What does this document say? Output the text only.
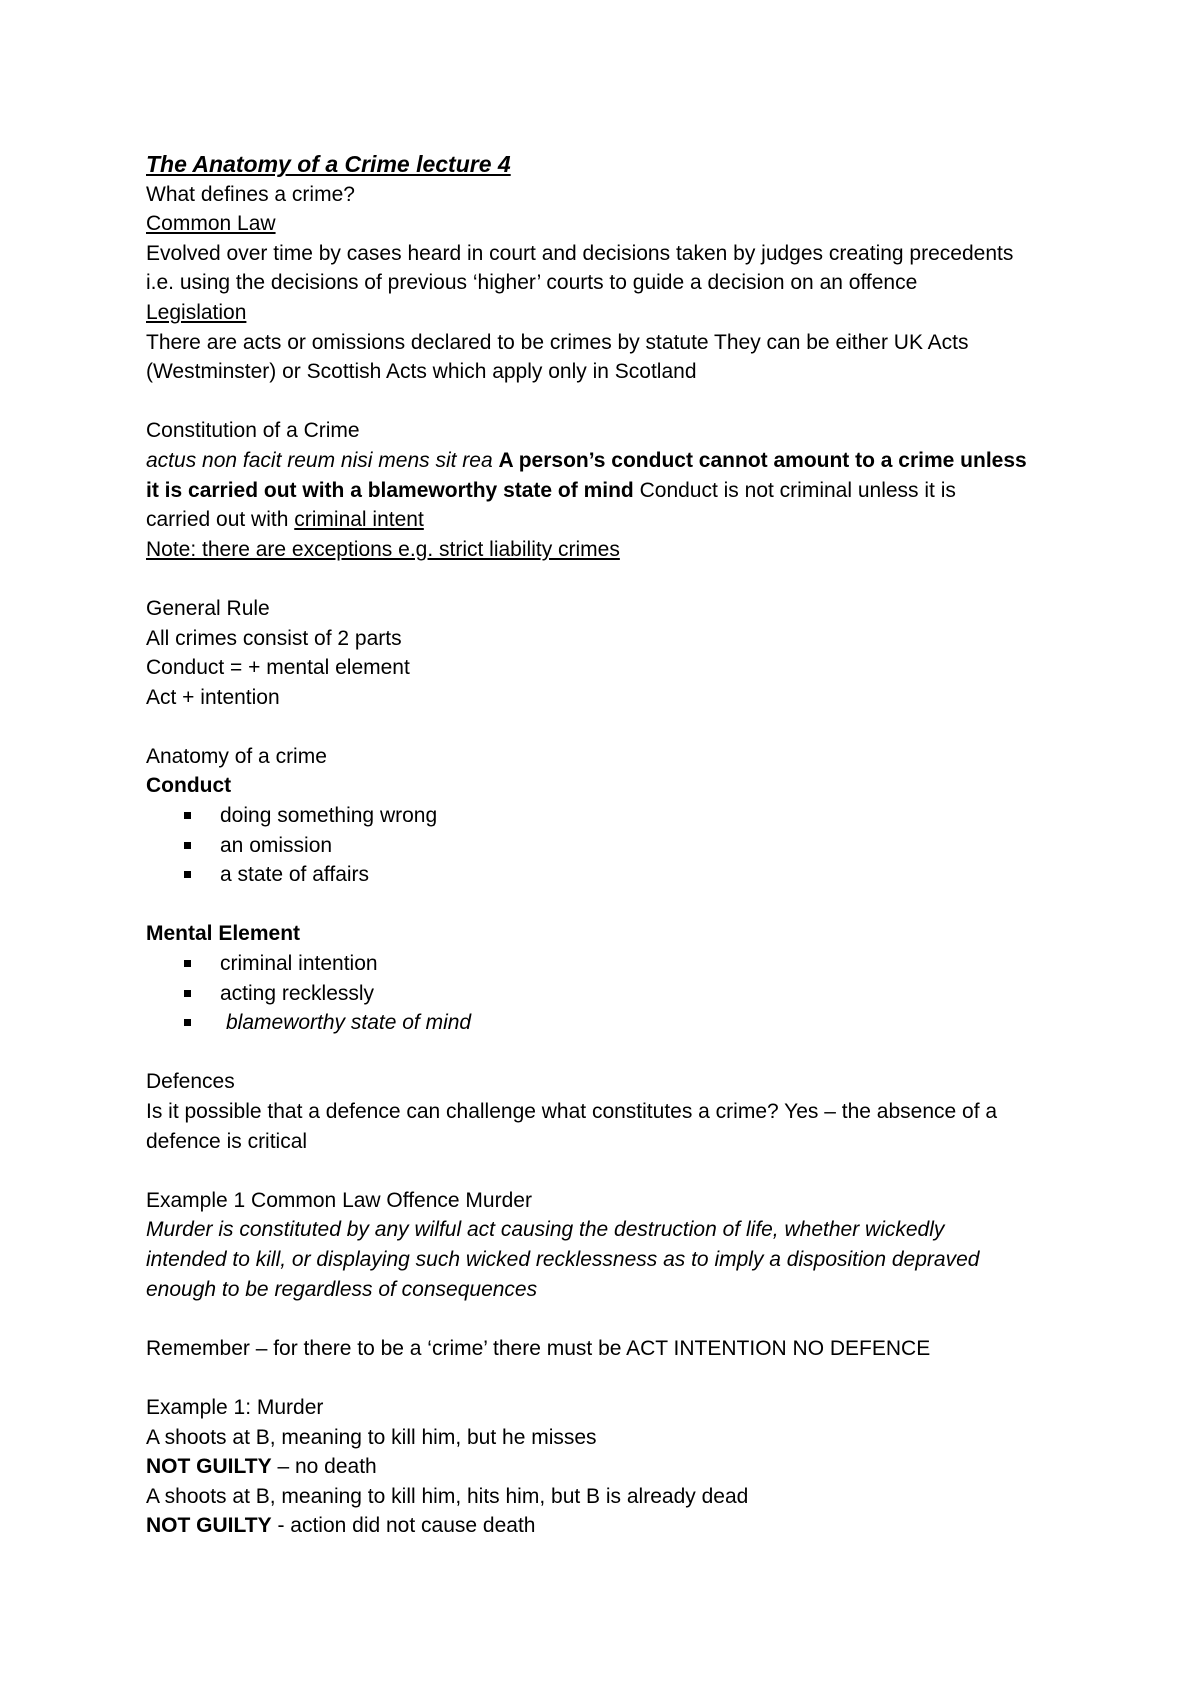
The Anatomy of a Crime lecture 4
What defines a crime?
Common Law
Evolved over time by cases heard in court and decisions taken by judges creating precedents
i.e. using the decisions of previous ‘higher’ courts to guide a decision on an offence
Legislation
There are acts or omissions declared to be crimes by statute They can be either UK Acts
(Westminster) or Scottish Acts which apply only in Scotland
Constitution of a Crime
actus non facit reum nisi mens sit rea A person’s conduct cannot amount to a crime unless
it is carried out with a blameworthy state of mind Conduct is not criminal unless it is
carried out with criminal intent
Note: there are exceptions e.g. strict liability crimes
General Rule
All crimes consist of 2 parts
Conduct = + mental element
Act + intention
Anatomy of a crime
Conduct
doing something wrong
an omission
a state of affairs
Mental Element
criminal intention
acting recklessly
blameworthy state of mind
Defences
Is it possible that a defence can challenge what constitutes a crime? Yes – the absence of a
defence is critical
Example 1 Common Law Offence Murder
Murder is constituted by any wilful act causing the destruction of life, whether wickedly
intended to kill, or displaying such wicked recklessness as to imply a disposition depraved
enough to be regardless of consequences
Remember – for there to be a ‘crime’ there must be ACT INTENTION NO DEFENCE
Example 1: Murder
A shoots at B, meaning to kill him, but he misses
NOT GUILTY – no death
A shoots at B, meaning to kill him, hits him, but B is already dead
NOT GUILTY - action did not cause death
